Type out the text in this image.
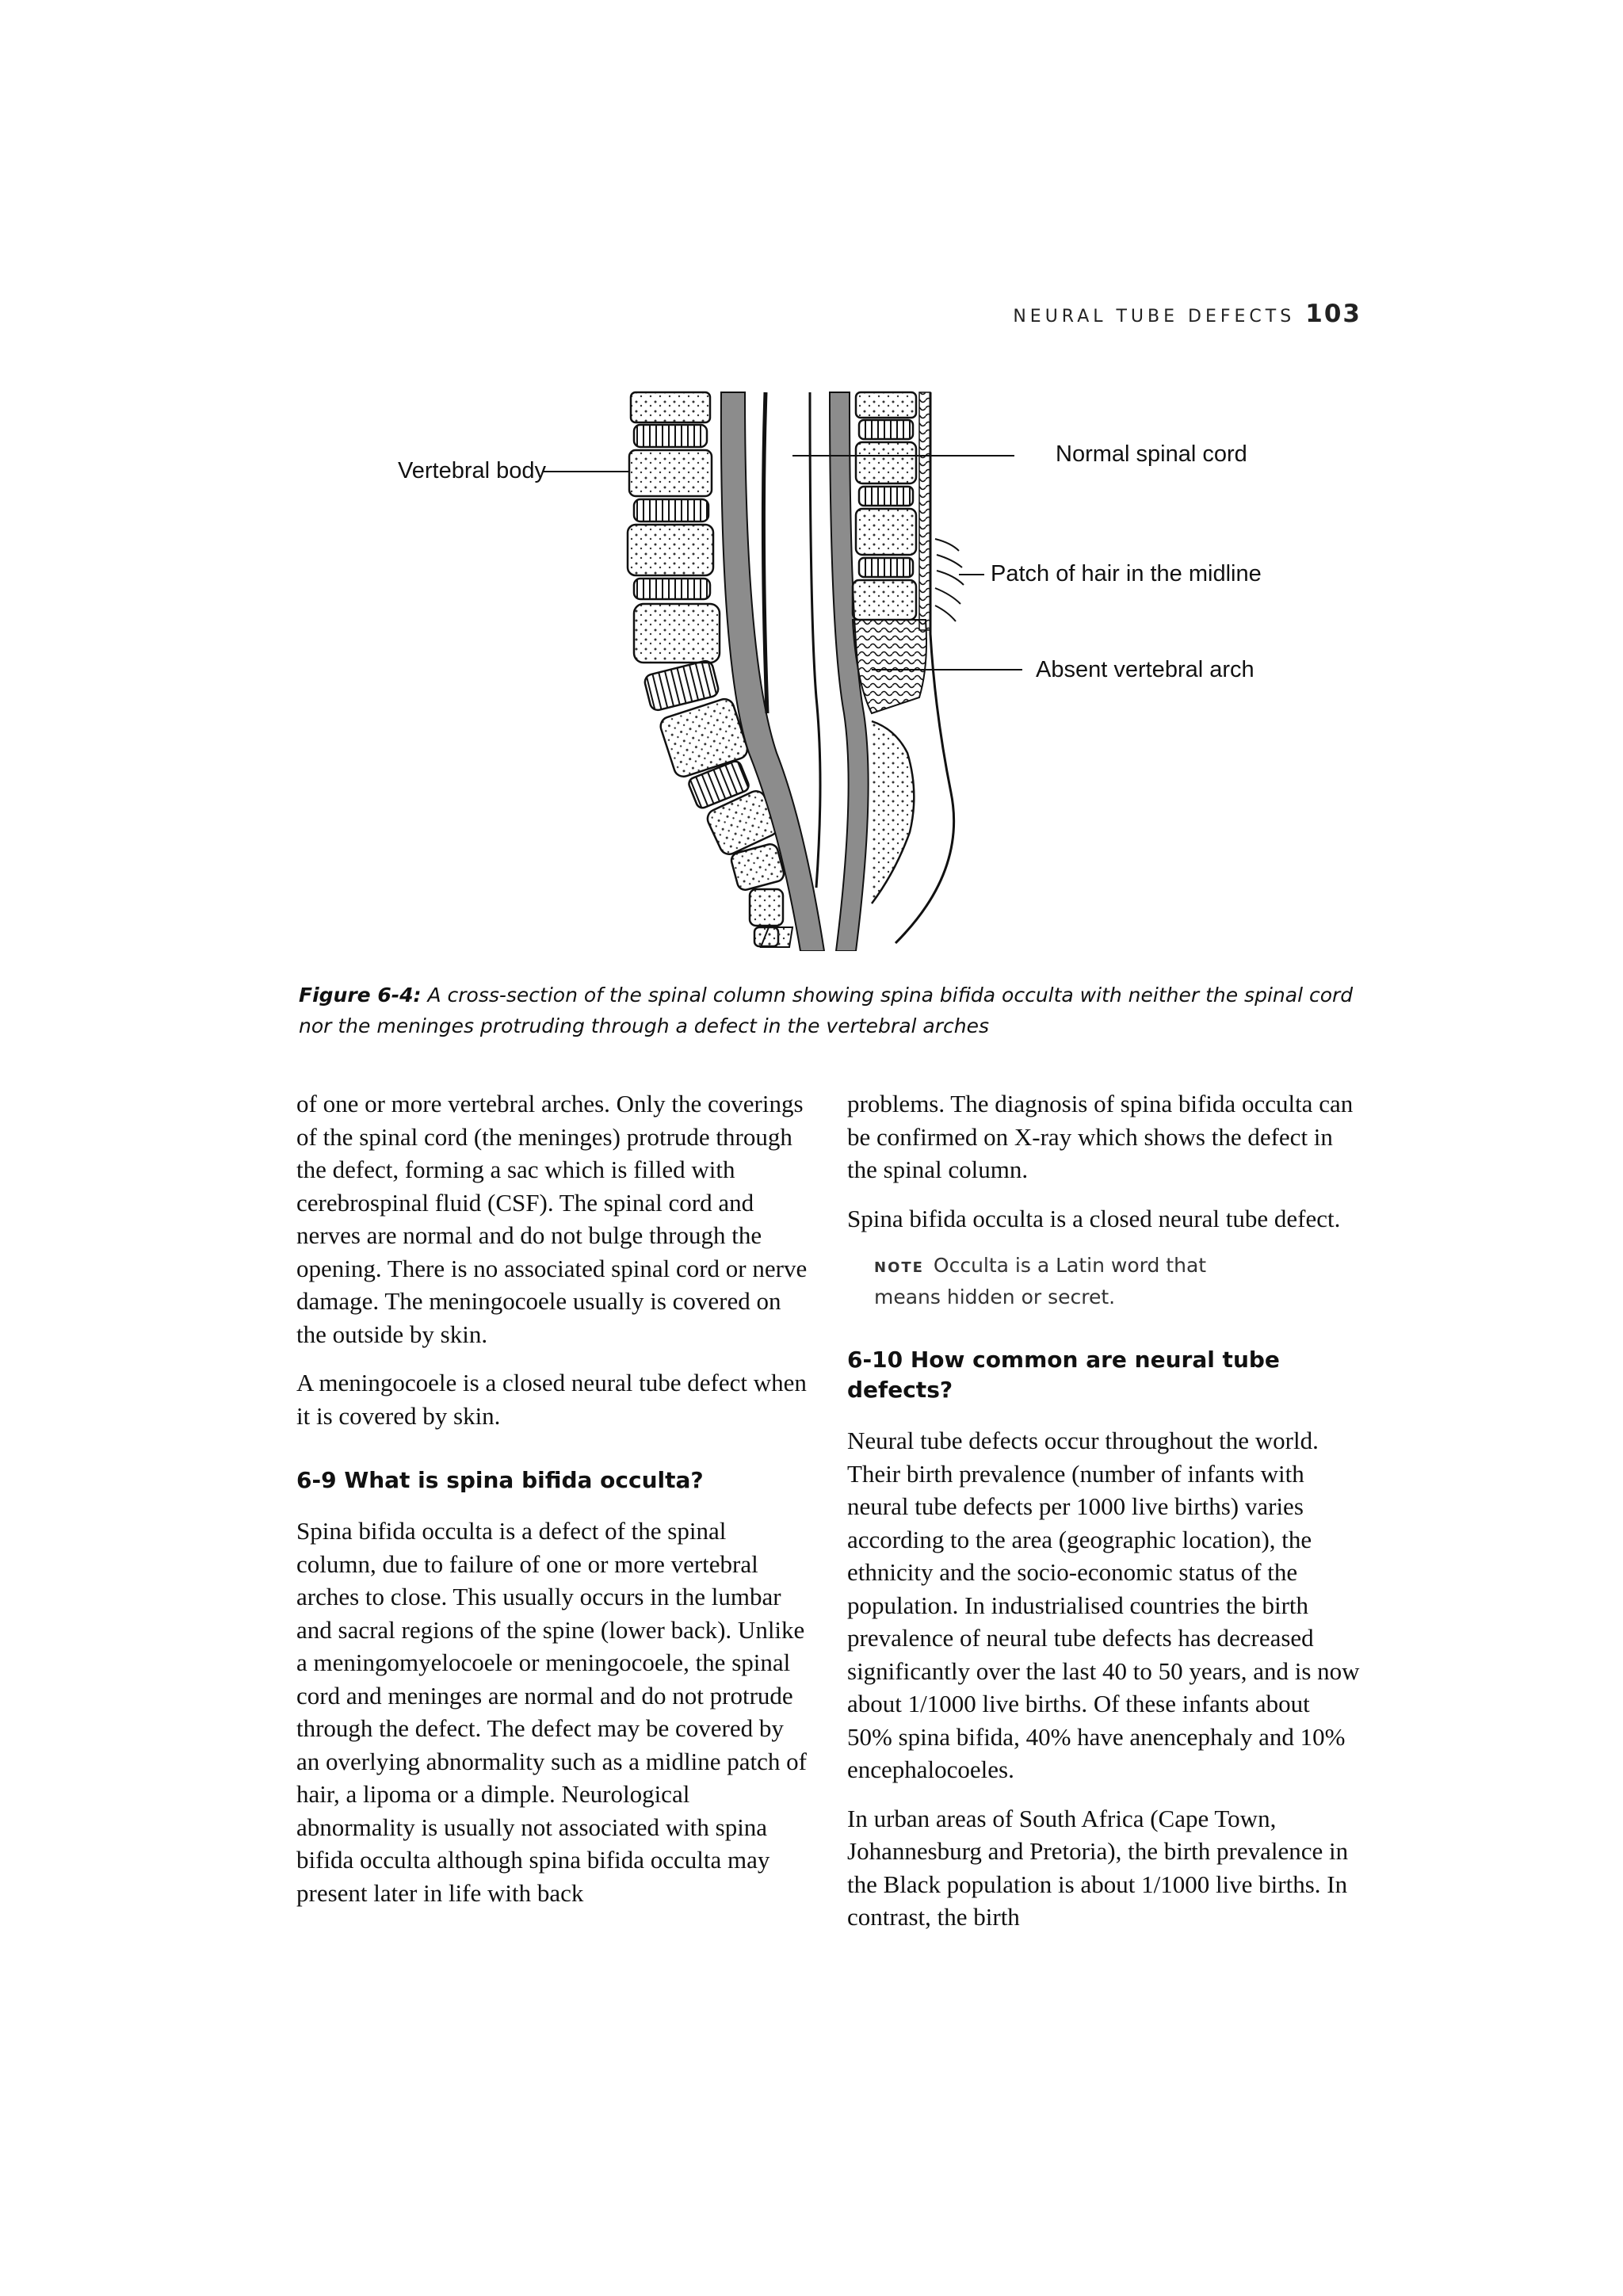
NEURAL TUBE DEFECTS 103
Vertebral body
Normal spinal cord
Patch of hair in the midline
Absent vertebral arch
Figure 6-4: A cross-section of the spinal column showing spina bifida occulta with neither the spinal cord nor the meninges protruding through a defect in the vertebral arches

of one or more vertebral arches. Only the coverings of the spinal cord (the meninges) protrude through the defect, forming a sac which is filled with cerebrospinal fluid (CSF). The spinal cord and nerves are normal and do not bulge through the opening. There is no associated spinal cord or nerve damage. The meningocoele usually is covered on the outside by skin.

A meningocoele is a closed neural tube defect when it is covered by skin.

6-9 What is spina bifida occulta?

Spina bifida occulta is a defect of the spinal column, due to failure of one or more vertebral arches to close. This usually occurs in the lumbar and sacral regions of the spine (lower back). Unlike a meningomyelocoele or meningocoele, the spinal cord and meninges are normal and do not protrude through the defect. The defect may be covered by an overlying abnormality such as a midline patch of hair, a lipoma or a dimple. Neurological abnormality is usually not associated with spina bifida occulta although spina bifida occulta may present later in life with back

problems. The diagnosis of spina bifida occulta can be confirmed on X-ray which shows the defect in the spinal column.

Spina bifida occulta is a closed neural tube defect.

NOTE Occulta is a Latin word that means hidden or secret.
6-10 How common are neural tube defects?

Neural tube defects occur throughout the world. Their birth prevalence (number of infants with neural tube defects per 1000 live births) varies according to the area (geographic location), the ethnicity and the socio-economic status of the population. In industrialised countries the birth prevalence of neural tube defects has decreased significantly over the last 40 to 50 years, and is now about 1/1000 live births. Of these infants about 50% spina bifida, 40% have anencephaly and 10% encephalocoeles.

In urban areas of South Africa (Cape Town, Johannesburg and Pretoria), the birth prevalence in the Black population is about 1/1000 live births. In contrast, the birth
